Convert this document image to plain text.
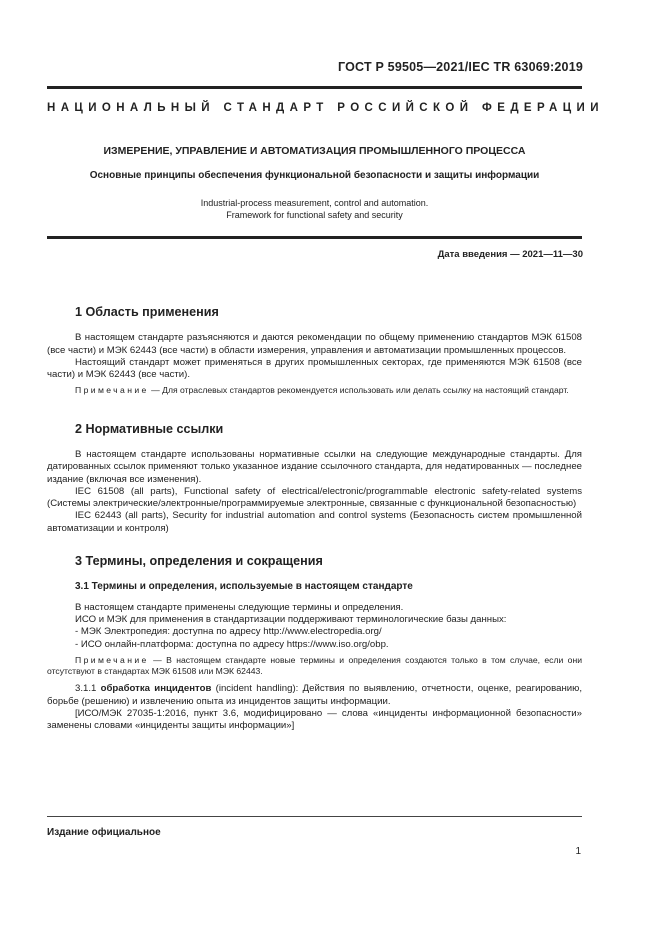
ГОСТ Р 59505—2021/IEC TR 63069:2019
НАЦИОНАЛЬНЫЙ СТАНДАРТ РОССИЙСКОЙ ФЕДЕРАЦИИ
ИЗМЕРЕНИЕ, УПРАВЛЕНИЕ И АВТОМАТИЗАЦИЯ ПРОМЫШЛЕННОГО ПРОЦЕССА
Основные принципы обеспечения функциональной безопасности и защиты информации
Industrial-process measurement, control and automation.
Framework for functional safety and security
Дата введения — 2021—11—30
1 Область применения

В настоящем стандарте разъясняются и даются рекомендации по общему применению стандартов МЭК 61508 (все части) и МЭК 62443 (все части) в области измерения, управления и автоматизации промышленных процессов.

Настоящий стандарт может применяться в других промышленных секторах, где применяются МЭК 61508 (все части) и МЭК 62443 (все части).

Примечание — Для отраслевых стандартов рекомендуется использовать или делать ссылку на настоящий стандарт.

2 Нормативные ссылки

В настоящем стандарте использованы нормативные ссылки на следующие международные стандарты. Для датированных ссылок применяют только указанное издание ссылочного стандарта, для недатированных — последнее издание (включая все изменения).

IEC 61508 (all parts), Functional safety of electrical/electronic/programmable electronic safety-related systems (Системы электрические/электронные/программируемые электронные, связанные с функциональной безопасностью)

IEC 62443 (all parts), Security for industrial automation and control systems (Безопасность систем промышленной автоматизации и контроля)

3 Термины, определения и сокращения
3.1 Термины и определения, используемые в настоящем стандарте

В настоящем стандарте применены следующие термины и определения.

ИСО и МЭК для применения в стандартизации поддерживают терминологические базы данных:

- МЭК Электропедия: доступна по адресу http://www.electropedia.org/
- ИСО онлайн-платформа: доступна по адресу https://www.iso.org/obp.

Примечание — В настоящем стандарте новые термины и определения создаются только в том случае, если они отсутствуют в стандартах МЭК 61508 или МЭК 62443.

3.1.1 обработка инцидентов (incident handling): Действия по выявлению, отчетности, оценке, реагированию, борьбе (решению) и извлечению опыта из инцидентов защиты информации.

[ИСО/МЭК 27035-1:2016, пункт 3.6, модифицировано — слова «инциденты информационной безопасности» заменены словами «инциденты защиты информации»]

Издание официальное
1
